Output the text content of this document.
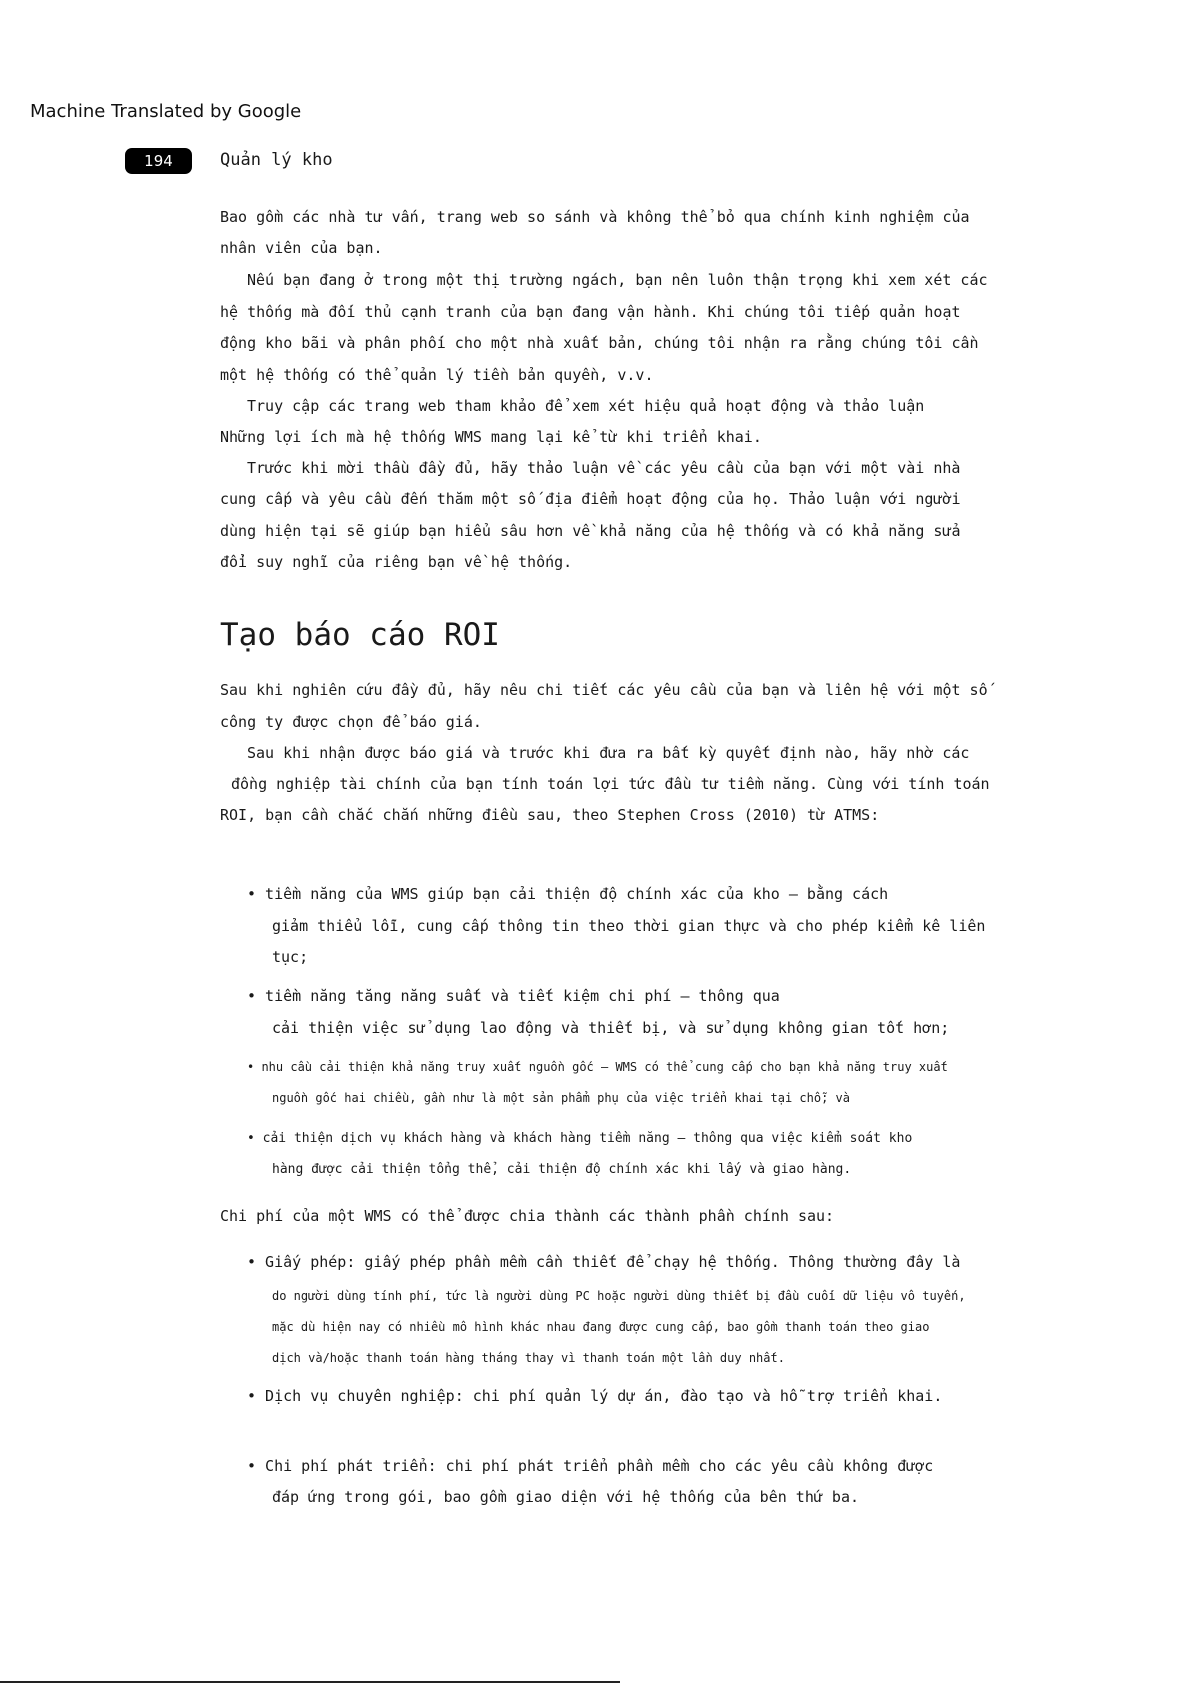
Machine Translated by Google
194	Quản lý kho

Bao gồm các nhà tư vấn, trang web so sánh và không thể bỏ qua chính kinh nghiệm của

nhân viên của bạn.

Nếu bạn đang ở trong một thị trường ngách, bạn nên luôn thận trọng khi xem xét các

hệ thống mà đối thủ cạnh tranh của bạn đang vận hành. Khi chúng tôi tiếp quản hoạt

động kho bãi và phân phối cho một nhà xuất bản, chúng tôi nhận ra rằng chúng tôi cần

một hệ thống có thể quản lý tiền bản quyền, v.v.

Truy cập các trang web tham khảo để xem xét hiệu quả hoạt động và thảo luận

Những lợi ích mà hệ thống WMS mang lại kể từ khi triển khai.

Trước khi mời thầu đầy đủ, hãy thảo luận về các yêu cầu của bạn với một vài nhà

cung cấp và yêu cầu đến thăm một số địa điểm hoạt động của họ. Thảo luận với người

dùng hiện tại sẽ giúp bạn hiểu sâu hơn về khả năng của hệ thống và có khả năng sửa

đổi suy nghĩ của riêng bạn về hệ thống.

Tạo báo cáo ROI

Sau khi nghiên cứu đầy đủ, hãy nêu chi tiết các yêu cầu của bạn và liên hệ với một số

công ty được chọn để báo giá.

Sau khi nhận được báo giá và trước khi đưa ra bất kỳ quyết định nào, hãy nhờ các

đồng nghiệp tài chính của bạn tính toán lợi tức đầu tư tiềm năng. Cùng với tính toán

ROI, bạn cần chắc chắn những điều sau, theo Stephen Cross (2010) từ ATMS:

• tiềm năng của WMS giúp bạn cải thiện độ chính xác của kho – bằng cách

giảm thiểu lỗi, cung cấp thông tin theo thời gian thực và cho phép kiểm kê liên

tục;

• tiềm năng tăng năng suất và tiết kiệm chi phí – thông qua

cải thiện việc sử dụng lao động và thiết bị, và sử dụng không gian tốt hơn;

• nhu cầu cải thiện khả năng truy xuất nguồn gốc – WMS có thể cung cấp cho bạn khả năng truy xuất

nguồn gốc hai chiều, gần như là một sản phẩm phụ của việc triển khai tại chỗ; và

• cải thiện dịch vụ khách hàng và khách hàng tiềm năng – thông qua việc kiểm soát kho

hàng được cải thiện tổng thể, cải thiện độ chính xác khi lấy và giao hàng.

Chi phí của một WMS có thể được chia thành các thành phần chính sau:

• Giấy phép: giấy phép phần mềm cần thiết để chạy hệ thống. Thông thường đây là

do người dùng tính phí, tức là người dùng PC hoặc người dùng thiết bị đầu cuối dữ liệu vô tuyến,

mặc dù hiện nay có nhiều mô hình khác nhau đang được cung cấp, bao gồm thanh toán theo giao

dịch và/hoặc thanh toán hàng tháng thay vì thanh toán một lần duy nhất.

• Dịch vụ chuyên nghiệp: chi phí quản lý dự án, đào tạo và hỗ trợ triển khai.

• Chi phí phát triển: chi phí phát triển phần mềm cho các yêu cầu không được

đáp ứng trong gói, bao gồm giao diện với hệ thống của bên thứ ba.
